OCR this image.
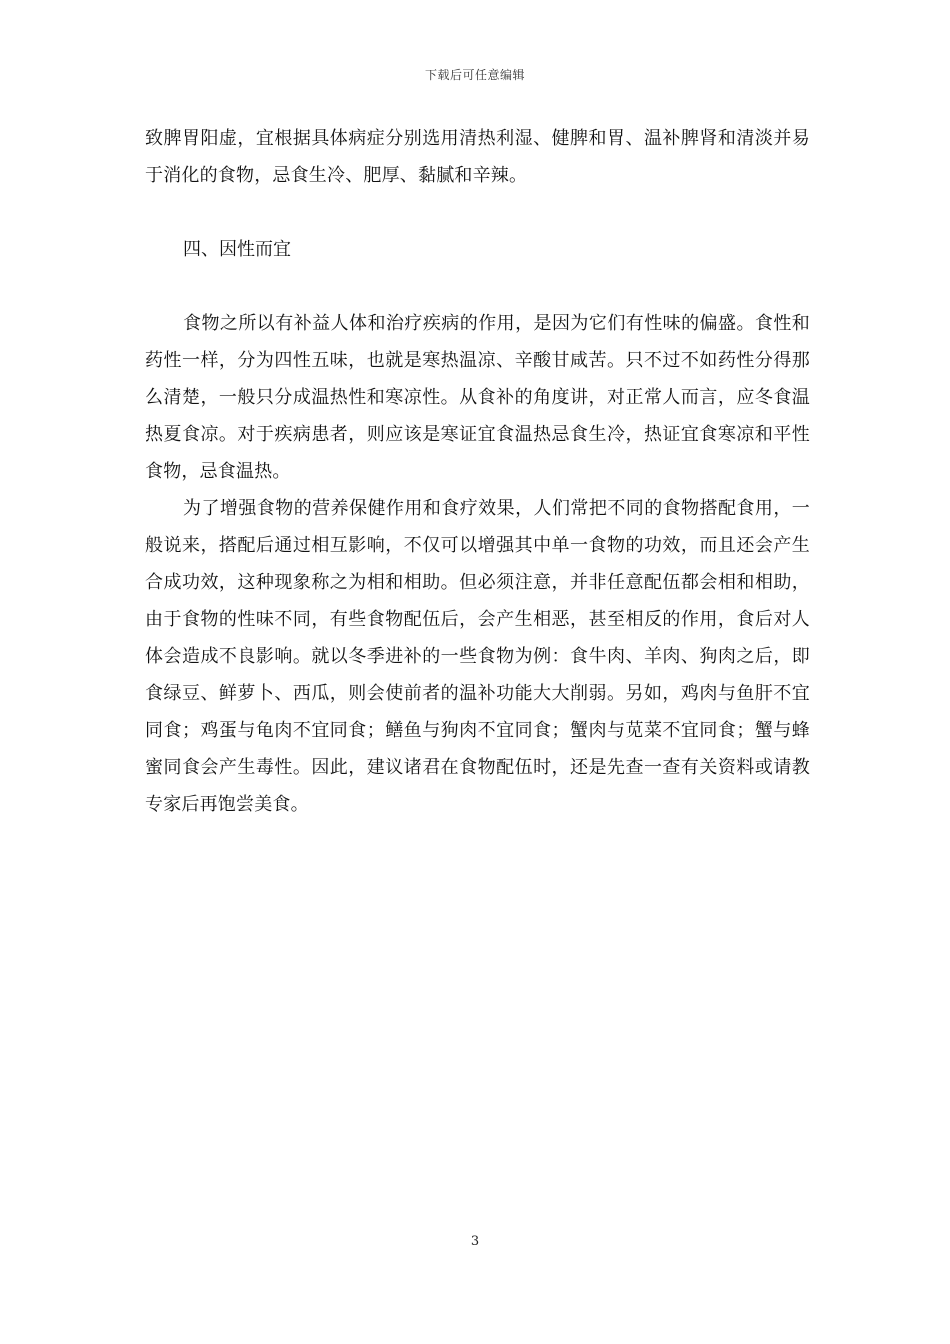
下载后可任意编辑

致脾胃阳虚，宜根据具体病症分别选用清热利湿、健脾和胃、温补脾肾和清淡并易于消化的食物，忌食生冷、肥厚、黏腻和辛辣。

四、因性而宜

食物之所以有补益人体和治疗疾病的作用，是因为它们有性味的偏盛。食性和药性一样，分为四性五味，也就是寒热温凉、辛酸甘咸苦。只不过不如药性分得那么清楚，一般只分成温热性和寒凉性。从食补的角度讲，对正常人而言，应冬食温热夏食凉。对于疾病患者，则应该是寒证宜食温热忌食生冷，热证宜食寒凉和平性食物，忌食温热。

为了增强食物的营养保健作用和食疗效果，人们常把不同的食物搭配食用，一般说来，搭配后通过相互影响，不仅可以增强其中单一食物的功效，而且还会产生合成功效，这种现象称之为相和相助。但必须注意，并非任意配伍都会相和相助，由于食物的性味不同，有些食物配伍后，会产生相恶，甚至相反的作用，食后对人体会造成不良影响。就以冬季进补的一些食物为例：食牛肉、羊肉、狗肉之后，即食绿豆、鲜萝卜、西瓜，则会使前者的温补功能大大削弱。另如，鸡肉与鱼肝不宜同食；鸡蛋与龟肉不宜同食；鳝鱼与狗肉不宜同食；蟹肉与苋菜不宜同食；蟹与蜂蜜同食会产生毒性。因此，建议诸君在食物配伍时，还是先查一查有关资料或请教专家后再饱尝美食。

3
